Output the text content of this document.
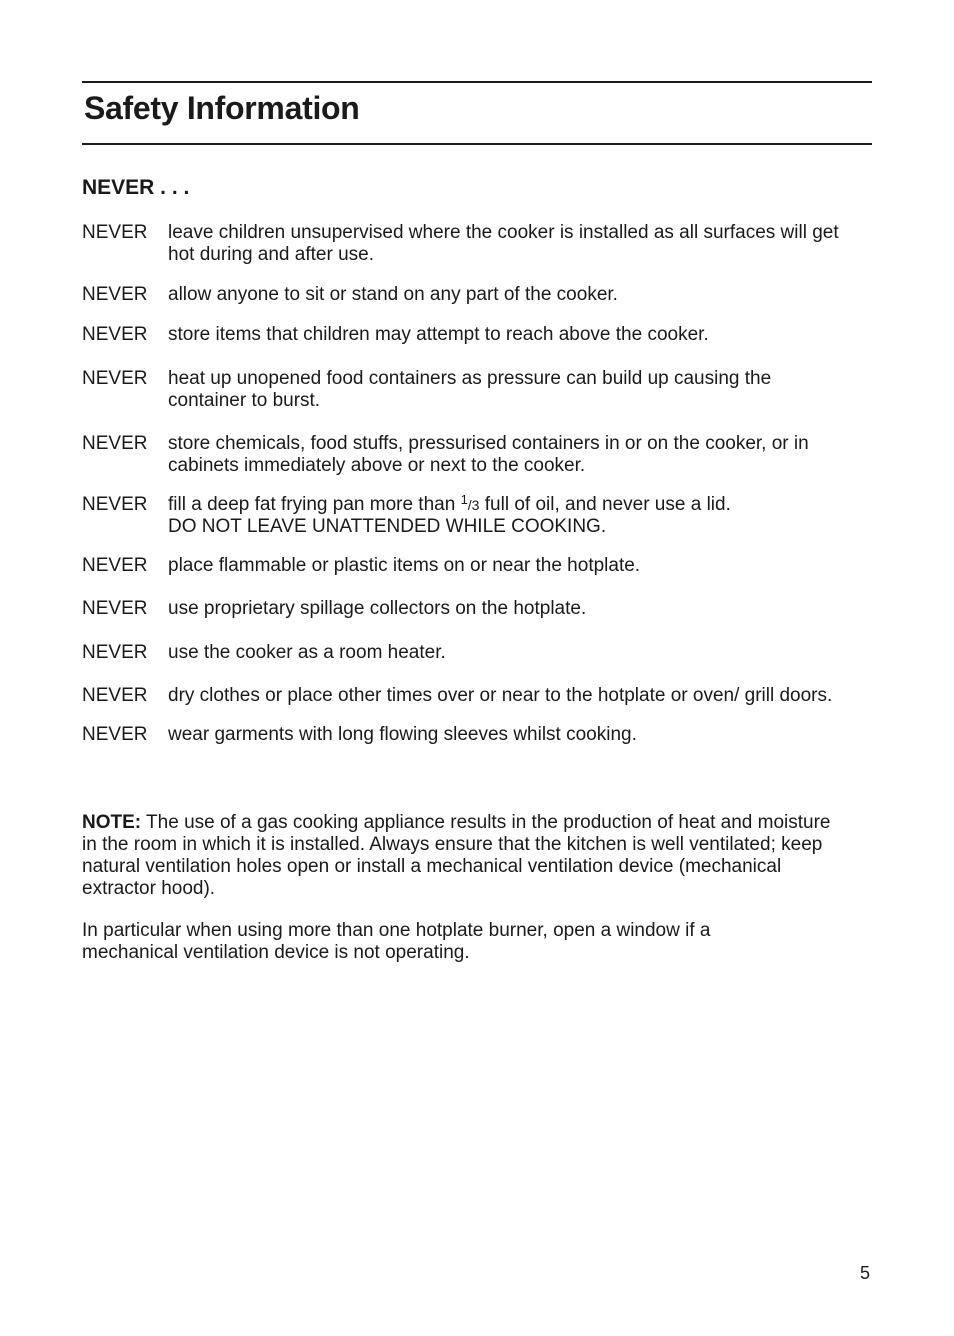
Safety Information
NEVER . . .
NEVER leave children unsupervised where the cooker is installed as all surfaces will get hot during and after use.
NEVER allow anyone to sit or stand on any part of the cooker.
NEVER store items that children may attempt to reach above the cooker.
NEVER heat up unopened food containers as pressure can build up causing the container to burst.
NEVER store chemicals, food stuffs, pressurised containers in or on the cooker, or in cabinets immediately above or next to the cooker.
NEVER fill a deep fat frying pan more than $^1$/3 full of oil, and never use a lid.
DO NOT LEAVE UNATTENDED WHILE COOKING.
NEVER place flammable or plastic items on or near the hotplate.
NEVER use proprietary spillage collectors on the hotplate.
NEVER use the cooker as a room heater.
NEVER dry clothes or place other times over or near to the hotplate or oven/ grill doors.
NEVER wear garments with long flowing sleeves whilst cooking.

NOTE: The use of a gas cooking appliance results in the production of heat and moisture in the room in which it is installed. Always ensure that the kitchen is well ventilated; keep natural ventilation holes open or install a mechanical ventilation device (mechanical extractor hood).

In particular when using more than one hotplate burner, open a window if a mechanical ventilation device is not operating.

5
